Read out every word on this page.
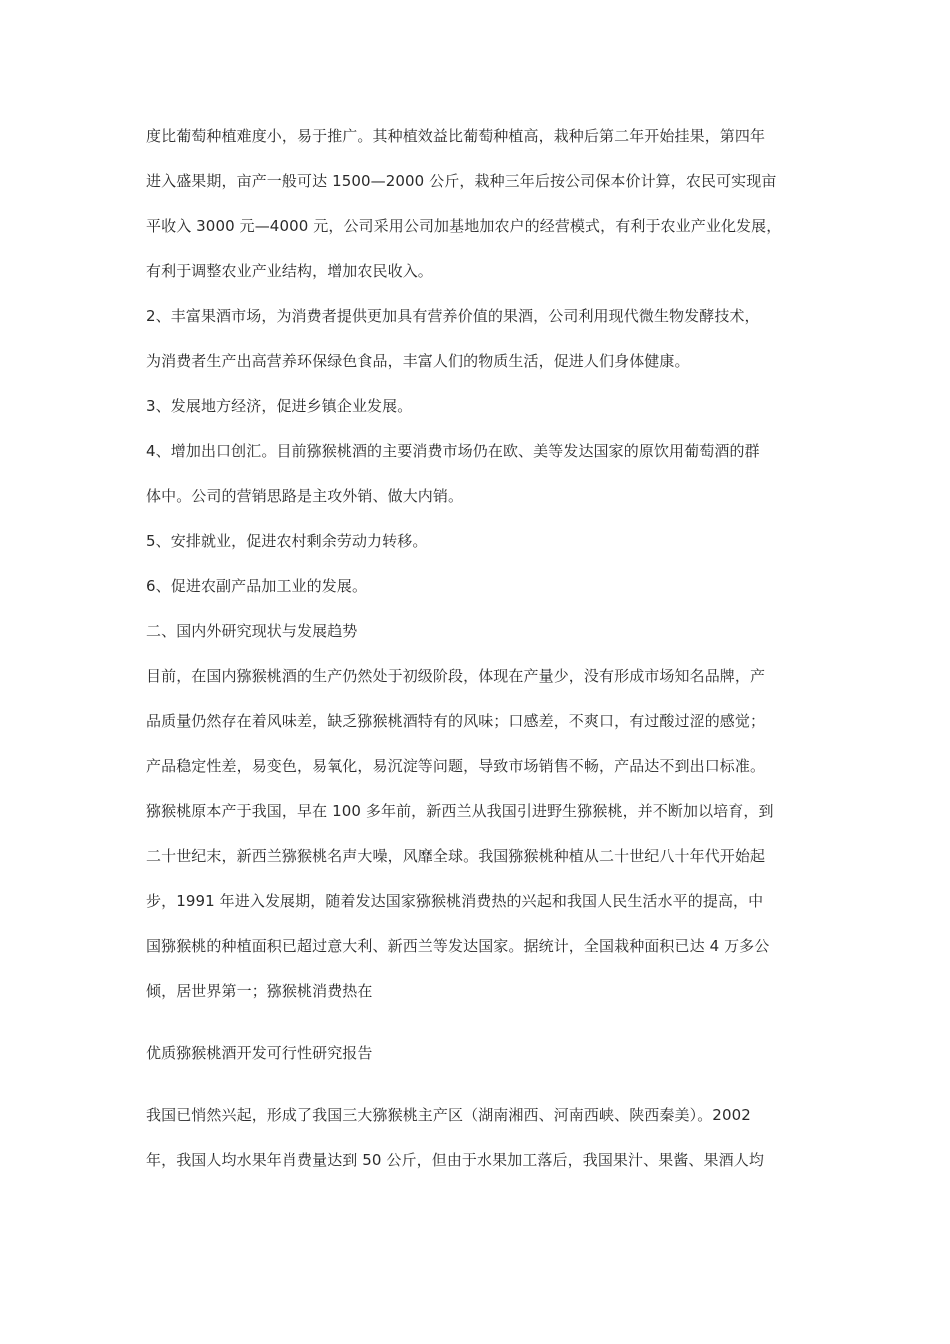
度比葡萄种植难度小，易于推广。其种植效益比葡萄种植高，栽种后第二年开始挂果，第四年
进入盛果期，亩产一般可达 1500—2000 公斤，栽种三年后按公司保本价计算，农民可实现亩
平收入 3000 元—4000 元，公司采用公司加基地加农户的经营模式，有利于农业产业化发展，
有利于调整农业产业结构，增加农民收入。
2、丰富果酒市场，为消费者提供更加具有营养价值的果酒，公司利用现代微生物发酵技术，
为消费者生产出高营养环保绿色食品，丰富人们的物质生活，促进人们身体健康。
3、发展地方经济，促进乡镇企业发展。
4、增加出口创汇。目前猕猴桃酒的主要消费市场仍在欧、美等发达国家的原饮用葡萄酒的群
体中。公司的营销思路是主攻外销、做大内销。
5、安排就业，促进农村剩余劳动力转移。
6、促进农副产品加工业的发展。
二、国内外研究现状与发展趋势
目前，在国内猕猴桃酒的生产仍然处于初级阶段，体现在产量少，没有形成市场知名品牌，产
品质量仍然存在着风味差，缺乏猕猴桃酒特有的风味；口感差，不爽口，有过酸过涩的感觉；
产品稳定性差，易变色，易氧化，易沉淀等问题，导致市场销售不畅，产品达不到出口标准。
猕猴桃原本产于我国，早在 100 多年前，新西兰从我国引进野生猕猴桃，并不断加以培育，到
二十世纪末，新西兰猕猴桃名声大噪，风靡全球。我国猕猴桃种植从二十世纪八十年代开始起
步，1991 年进入发展期，随着发达国家猕猴桃消费热的兴起和我国人民生活水平的提高，中
国猕猴桃的种植面积已超过意大利、新西兰等发达国家。据统计，全国栽种面积已达 4 万多公
倾，居世界第一；猕猴桃消费热在
优质猕猴桃酒开发可行性研究报告
我国已悄然兴起，形成了我国三大猕猴桃主产区（湖南湘西、河南西峡、陕西秦美）。2002
年，我国人均水果年肖费量达到 50 公斤，但由于水果加工落后，我国果汁、果酱、果酒人均
